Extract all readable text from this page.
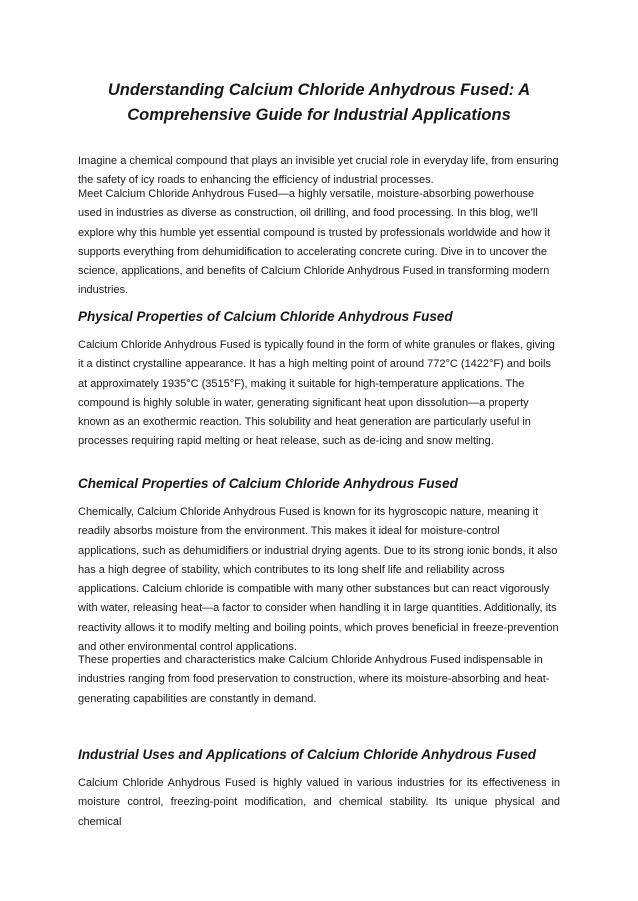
Understanding Calcium Chloride Anhydrous Fused: A
Comprehensive Guide for Industrial Applications

Imagine a chemical compound that plays an invisible yet crucial role in everyday life, from ensuring the safety of icy roads to enhancing the efficiency of industrial processes.

Meet Calcium Chloride Anhydrous Fused—a highly versatile, moisture-absorbing powerhouse used in industries as diverse as construction, oil drilling, and food processing. In this blog, we’ll explore why this humble yet essential compound is trusted by professionals worldwide and how it supports everything from dehumidification to accelerating concrete curing. Dive in to uncover the science, applications, and benefits of Calcium Chloride Anhydrous Fused in transforming modern industries.

Physical Properties of Calcium Chloride Anhydrous Fused

Calcium Chloride Anhydrous Fused is typically found in the form of white granules or flakes, giving it a distinct crystalline appearance. It has a high melting point of around 772°C (1422°F) and boils at approximately 1935°C (3515°F), making it suitable for high-temperature applications. The compound is highly soluble in water, generating significant heat upon dissolution—a property known as an exothermic reaction. This solubility and heat generation are particularly useful in processes requiring rapid melting or heat release, such as de-icing and snow melting.

Chemical Properties of Calcium Chloride Anhydrous Fused

Chemically, Calcium Chloride Anhydrous Fused is known for its hygroscopic nature, meaning it readily absorbs moisture from the environment. This makes it ideal for moisture-control applications, such as dehumidifiers or industrial drying agents. Due to its strong ionic bonds, it also has a high degree of stability, which contributes to its long shelf life and reliability across applications. Calcium chloride is compatible with many other substances but can react vigorously with water, releasing heat—a factor to consider when handling it in large quantities. Additionally, its reactivity allows it to modify melting and boiling points, which proves beneficial in freeze-prevention and other environmental control applications.

These properties and characteristics make Calcium Chloride Anhydrous Fused indispensable in industries ranging from food preservation to construction, where its moisture-absorbing and heat-generating capabilities are constantly in demand.

Industrial Uses and Applications of Calcium Chloride Anhydrous Fused

Calcium Chloride Anhydrous Fused is highly valued in various industries for its effectiveness in moisture control, freezing-point modification, and chemical stability. Its unique physical and chemical
